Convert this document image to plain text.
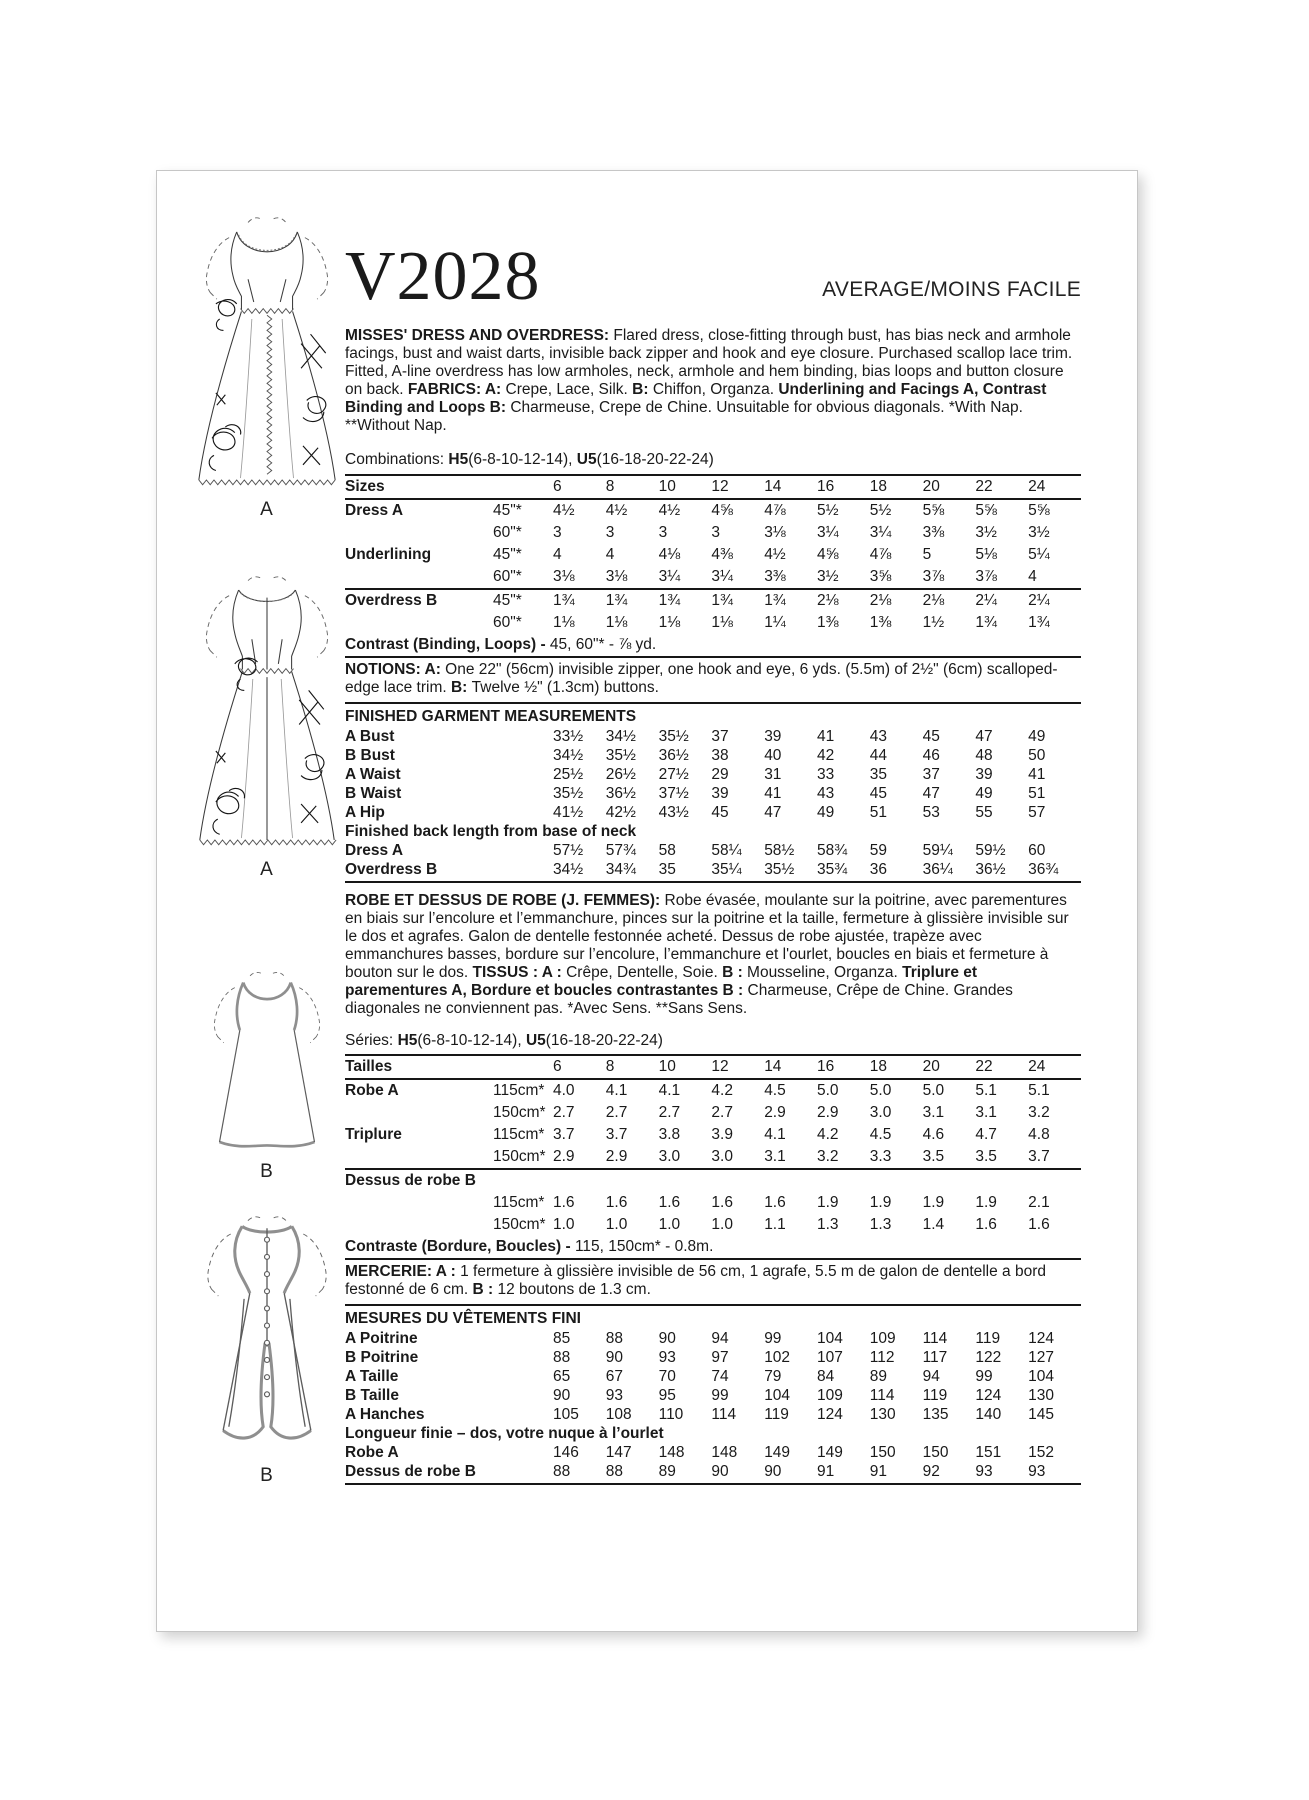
A
A
B
B
V2028	AVERAGE/MOINS FACILE

MISSES' DRESS AND OVERDRESS: Flared dress, close-fitting through bust, has bias neck and armhole facings, bust and waist darts, invisible back zipper and hook and eye closure. Purchased scallop lace trim. Fitted, A-line overdress has low armholes, neck, armhole and hem binding, bias loops and button closure on back. FABRICS: A: Crepe, Lace, Silk. B: Chiffon, Organza. Underlining and Facings A, Contrast Binding and Loops B: Charmeuse, Crepe de Chine. Unsuitable for obvious diagonals. *With Nap. **Without Nap.

Combinations: H5(6-8-10-12-14), U5(16-18-20-22-24)

Sizes	6	8	10	12	14	16	18	20	22	24
Dress A	45"*	4½	4½	4½	4⅝	4⅞	5½	5½	5⅝	5⅝	5⅝
60"*	3	3	3	3	3⅛	3¼	3¼	3⅜	3½	3½
Underlining	45"*	4	4	4⅛	4⅜	4½	4⅝	4⅞	5	5⅛	5¼
60"*	3⅛	3⅛	3¼	3¼	3⅜	3½	3⅝	3⅞	3⅞	4
Overdress B	45"*	1¾	1¾	1¾	1¾	1¾	2⅛	2⅛	2⅛	2¼	2¼
60"*	1⅛	1⅛	1⅛	1⅛	1¼	1⅜	1⅜	1½	1¾	1¾
Contrast (Binding, Loops) - 45, 60"* - ⅞ yd.

NOTIONS: A: One 22" (56cm) invisible zipper, one hook and eye, 6 yds. (5.5m) of 2½" (6cm) scalloped-edge lace trim. B: Twelve ½" (1.3cm) buttons.

FINISHED GARMENT MEASUREMENTS
A Bust	33½	34½	35½	37	39	41	43	45	47	49
B Bust	34½	35½	36½	38	40	42	44	46	48	50
A Waist	25½	26½	27½	29	31	33	35	37	39	41
B Waist	35½	36½	37½	39	41	43	45	47	49	51
A Hip	41½	42½	43½	45	47	49	51	53	55	57
Finished back length from base of neck
Dress A	57½	57¾	58	58¼	58½	58¾	59	59¼	59½	60
Overdress B	34½	34¾	35	35¼	35½	35¾	36	36¼	36½	36¾

ROBE ET DESSUS DE ROBE (J. FEMMES): Robe évasée, moulante sur la poitrine, avec parementures en biais sur l’encolure et l’emmanchure, pinces sur la poitrine et la taille, fermeture à glissière invisible sur le dos et agrafes. Galon de dentelle festonnée acheté. Dessus de robe ajustée, trapèze avec emmanchures basses, bordure sur l’encolure, l’emmanchure et l'ourlet, boucles en biais et fermeture à bouton sur le dos. TISSUS : A : Crêpe, Dentelle, Soie. B : Mousseline, Organza. Triplure et parementures A, Bordure et boucles contrastantes B : Charmeuse, Crêpe de Chine. Grandes diagonales ne conviennent pas. *Avec Sens. **Sans Sens.

Séries: H5(6-8-10-12-14), U5(16-18-20-22-24)

Tailles	6	8	10	12	14	16	18	20	22	24
Robe A	115cm* 4.0	4.1	4.1	4.2	4.5	5.0	5.0	5.0	5.1	5.1
150cm* 2.7	2.7	2.7	2.7	2.9	2.9	3.0	3.1	3.1	3.2
Triplure	115cm* 3.7	3.7	3.8	3.9	4.1	4.2	4.5	4.6	4.7	4.8
150cm* 2.9	2.9	3.0	3.0	3.1	3.2	3.3	3.5	3.5	3.7
Dessus de robe B
115cm* 1.6	1.6	1.6	1.6	1.6	1.9	1.9	1.9	1.9	2.1
150cm* 1.0	1.0	1.0	1.0	1.1	1.3	1.3	1.4	1.6	1.6
Contraste (Bordure, Boucles) - 115, 150cm* - 0.8m.

MERCERIE: A : 1 fermeture à glissière invisible de 56 cm, 1 agrafe, 5.5 m de galon de dentelle a bord festonné de 6 cm. B : 12 boutons de 1.3 cm.

MESURES DU VÊTEMENTS FINI
A Poitrine	85	88	90	94	99	104	109	114	119	124
B Poitrine	88	90	93	97	102	107	112	117	122	127
A Taille	65	67	70	74	79	84	89	94	99	104
B Taille	90	93	95	99	104	109	114	119	124	130
A Hanches	105	108	110	114	119	124	130	135	140	145
Longueur finie – dos, votre nuque à l’ourlet
Robe A	146	147	148	148	149	149	150	150	151	152
Dessus de robe B	88	88	89	90	90	91	91	92	93	93
